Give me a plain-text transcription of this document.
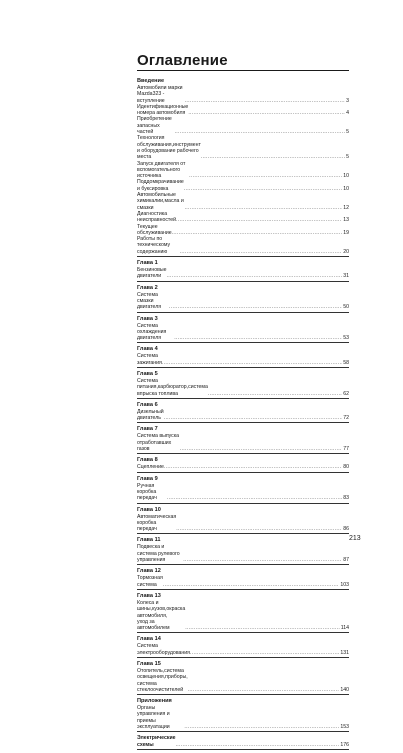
Оглавление
Введение
Автомобили марки Mazda323 - вступление .....	3
Идентификационные номера автомобиля .....	4
Приобретение запасных частей .....	5
Технология обслуживания,инструмент
и оборудование рабочего места .....	5
Запуск двигателя от вспомогательного источника .....	10
Поддомкрачивание и буксировка .....	10
Автомобильные химикалии,масла и смазки .....	12
Диагностика неисправностей .....	13
Текущее обслуживание .....	19
Работы по техническому содержанию .....	20
Глава 1
Бензиновые двигатели .....	31
Глава 2
Система смазки двигателя .....	50
Глава 3
Система охлаждения двигателя .....	53
Глава 4
Система зажигания .....	58
Глава 5
Система питания,карбюратор,система впрыска топлива .....	62
Глава 6
Дизельный двигатель .....	72
Глава 7
Система выпуска отработавших газов .....	77
Глава 8
Сцепление .....	80
Глава 9
Ручная коробка передач .....	83
Глава 10
Автоматическая коробка передач .....	86
Глава 11
Подвеска и система рулевого управления .....	87
Глава 12
Тормозная система .....	103
Глава 13
Колеса и шины,кузов,окраска автомобиля,
уход за автомобилем .....	114
Глава 14
Система электрооборудования .....	131
Глава 15
Отопитель,система освещения,приборы,
система стеклоочистителей .....	140
Приложения
Органы управления и приемы эксплуатации .....	153
Электрические схемы .....	176
213
